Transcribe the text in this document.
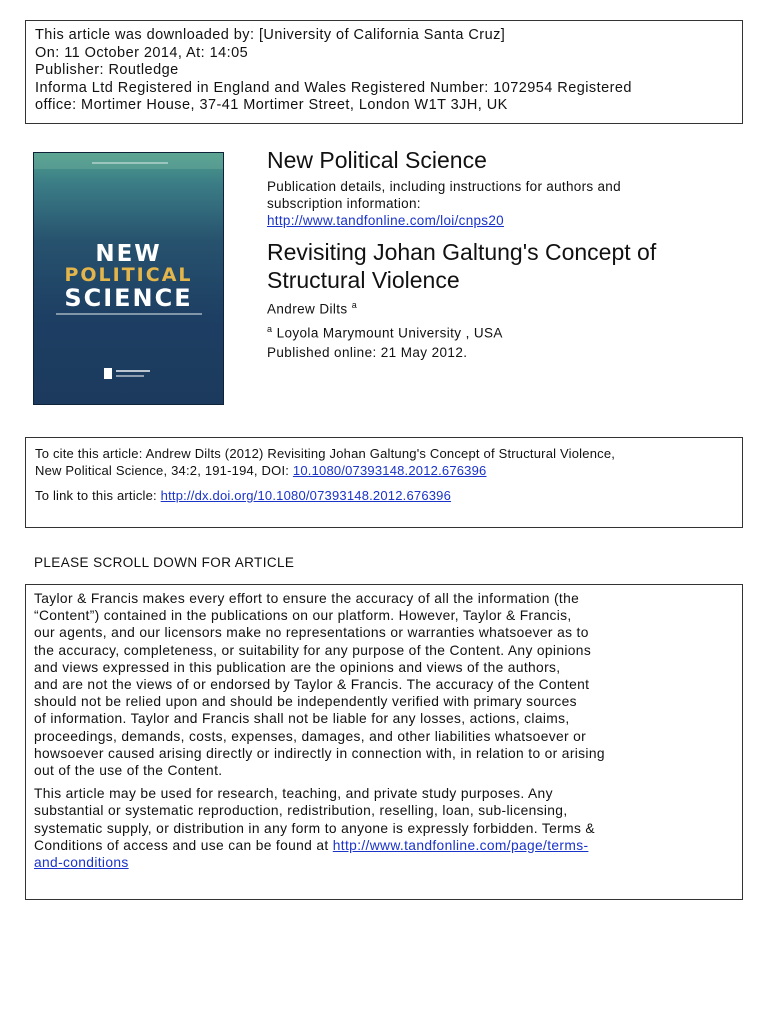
This article was downloaded by: [University of California Santa Cruz]
On: 11 October 2014, At: 14:05
Publisher: Routledge
Informa Ltd Registered in England and Wales Registered Number: 1072954 Registered
office: Mortimer House, 37-41 Mortimer Street, London W1T 3JH, UK
NEW
POLITICAL
SCIENCE
New Political Science
Publication details, including instructions for authors and
subscription information:
http://www.tandfonline.com/loi/cnps20
Revisiting Johan Galtung's Concept of
Structural Violence
Andrew Dilts $^a$
$^a$ Loyola Marymount University , USA
Published online: 21 May 2012.
To cite this article: Andrew Dilts (2012) Revisiting Johan Galtung's Concept of Structural Violence,
New Political Science, 34:2, 191-194, DOI: 10.1080/07393148.2012.676396
To link to this article: http://dx.doi.org/10.1080/07393148.2012.676396
PLEASE SCROLL DOWN FOR ARTICLE
Taylor & Francis makes every effort to ensure the accuracy of all the information (the
“Content”) contained in the publications on our platform. However, Taylor & Francis,
our agents, and our licensors make no representations or warranties whatsoever as to
the accuracy, completeness, or suitability for any purpose of the Content. Any opinions
and views expressed in this publication are the opinions and views of the authors,
and are not the views of or endorsed by Taylor & Francis. The accuracy of the Content
should not be relied upon and should be independently verified with primary sources
of information. Taylor and Francis shall not be liable for any losses, actions, claims,
proceedings, demands, costs, expenses, damages, and other liabilities whatsoever or
howsoever caused arising directly or indirectly in connection with, in relation to or arising
out of the use of the Content.
This article may be used for research, teaching, and private study purposes. Any
substantial or systematic reproduction, redistribution, reselling, loan, sub-licensing,
systematic supply, or distribution in any form to anyone is expressly forbidden. Terms &
Conditions of access and use can be found at http://www.tandfonline.com/page/terms-
and-conditions
